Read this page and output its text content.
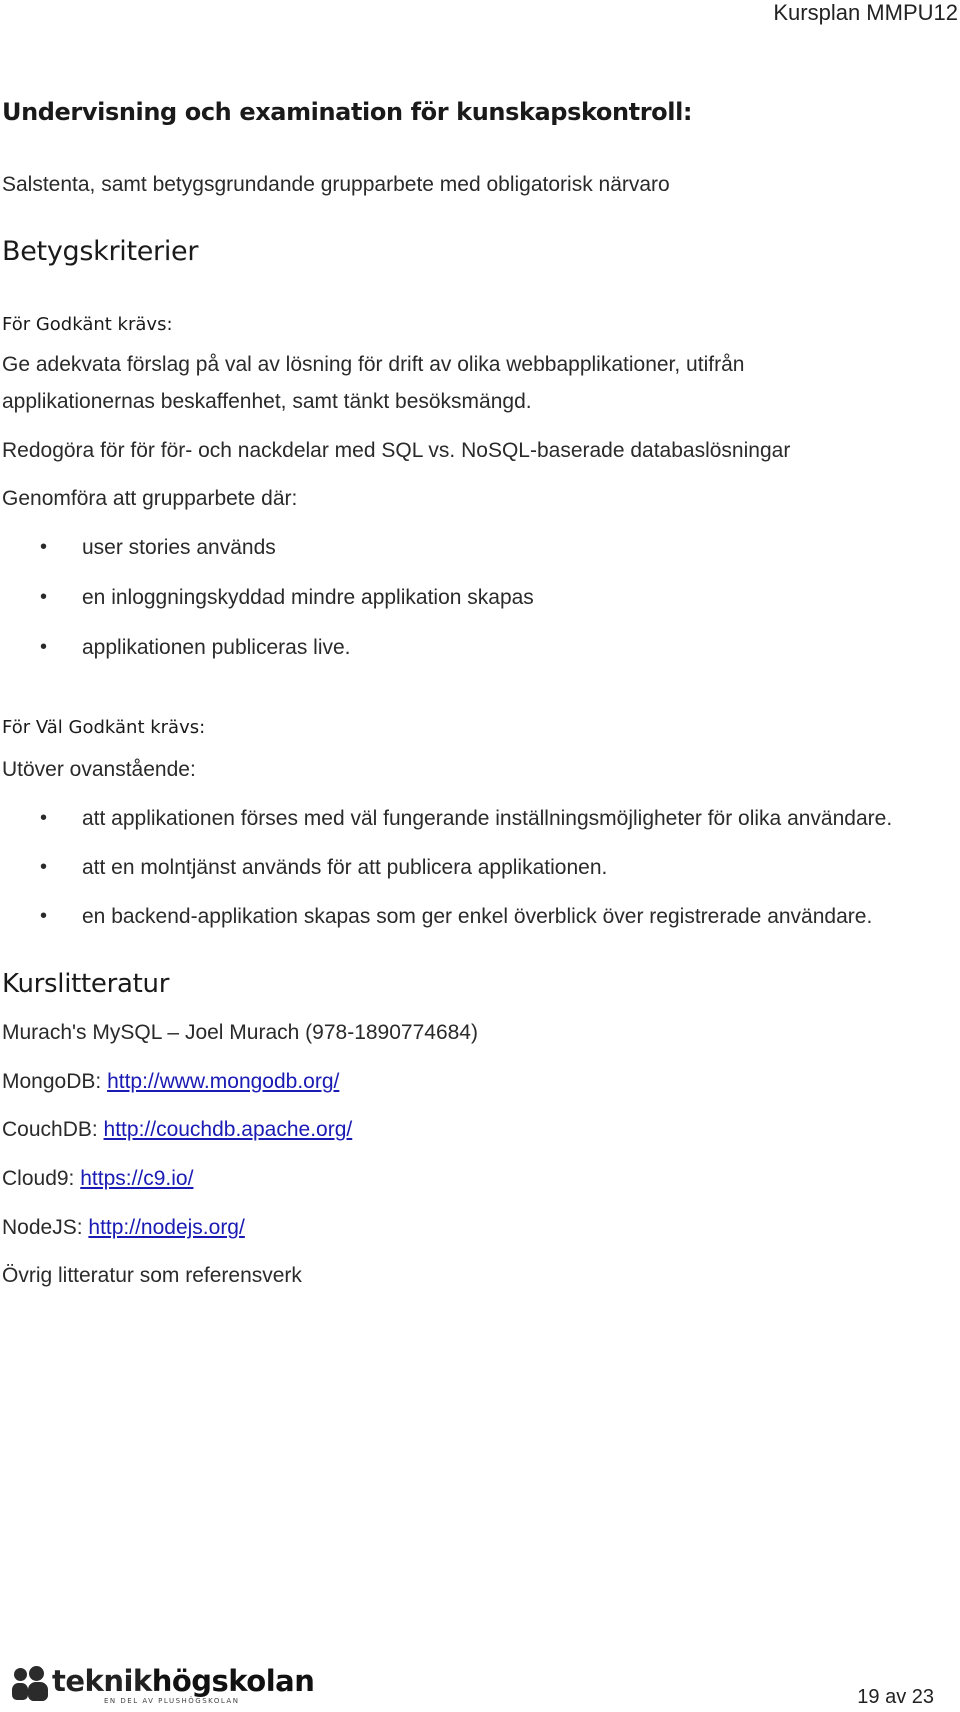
Kursplan MMPU12
Undervisning och examination för kunskapskontroll:
Salstenta, samt betygsgrundande grupparbete med obligatorisk närvaro
Betygskriterier
För Godkänt krävs:
Ge adekvata förslag på val av lösning för drift av olika webbapplikationer, utifrån
applikationernas beskaffenhet, samt tänkt besöksmängd.
Redogöra för för för- och nackdelar med SQL vs. NoSQL-baserade databaslösningar
Genomföra att grupparbete där:
• user stories används
• en inloggningskyddad mindre applikation skapas
• applikationen publiceras live.
För Väl Godkänt krävs:
Utöver ovanstående:
• att applikationen förses med väl fungerande inställningsmöjligheter för olika användare.
• att en molntjänst används för att publicera applikationen.
• en backend-applikation skapas som ger enkel överblick över registrerade användare.
Kurslitteratur
Murach's MySQL – Joel Murach (978-1890774684)
MongoDB: http://www.mongodb.org/
CouchDB: http://couchdb.apache.org/
Cloud9: https://c9.io/
NodeJS: http://nodejs.org/
Övrig litteratur som referensverk
teknikhögskolan
EN DEL AV PLUSHÖGSKOLAN	19 av 23
